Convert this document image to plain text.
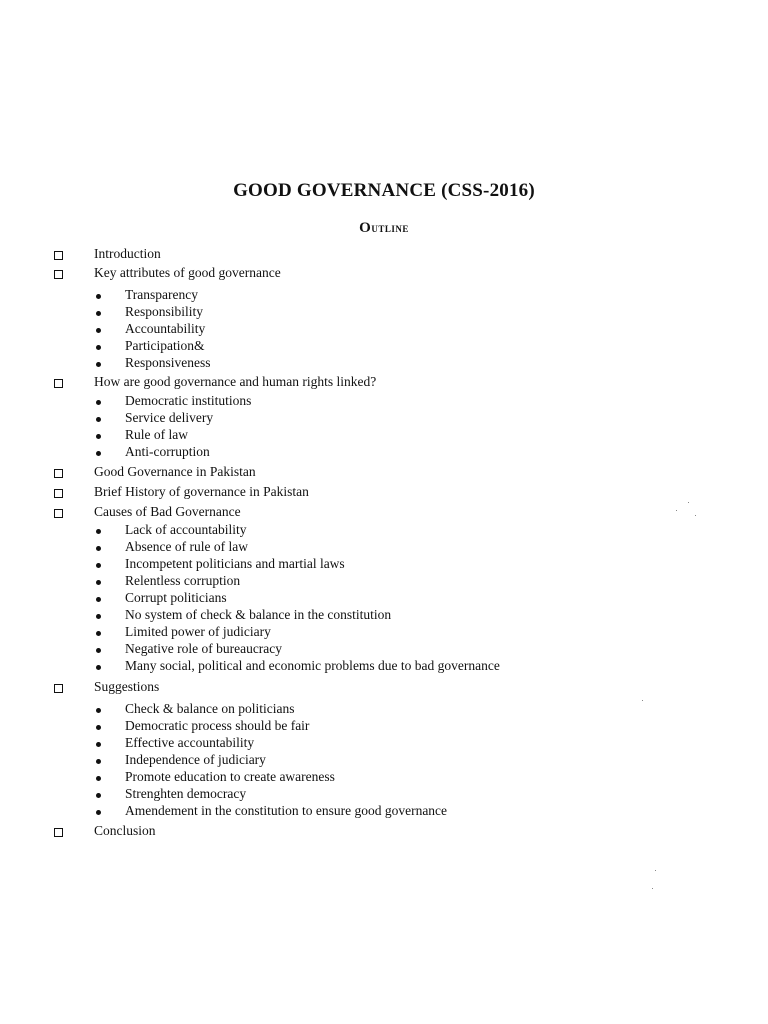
GOOD GOVERNANCE (CSS-2016)
Outline
Introduction
Key attributes of good governance
Transparency
Responsibility
Accountability
Participation&
Responsiveness
How are good governance and human rights linked?
Democratic institutions
Service delivery
Rule of law
Anti-corruption
Good Governance in Pakistan
Brief History of governance in Pakistan
Causes of Bad Governance
Lack of accountability
Absence of rule of law
Incompetent politicians and martial laws
Relentless corruption
Corrupt politicians
No system of check & balance in the constitution
Limited power of judiciary
Negative role of bureaucracy
Many social, political and economic problems due to bad governance
Suggestions
Check & balance on politicians
Democratic process should be fair
Effective accountability
Independence of judiciary
Promote education to create awareness
Strenghten democracy
Amendement in the constitution to ensure good governance
Conclusion
